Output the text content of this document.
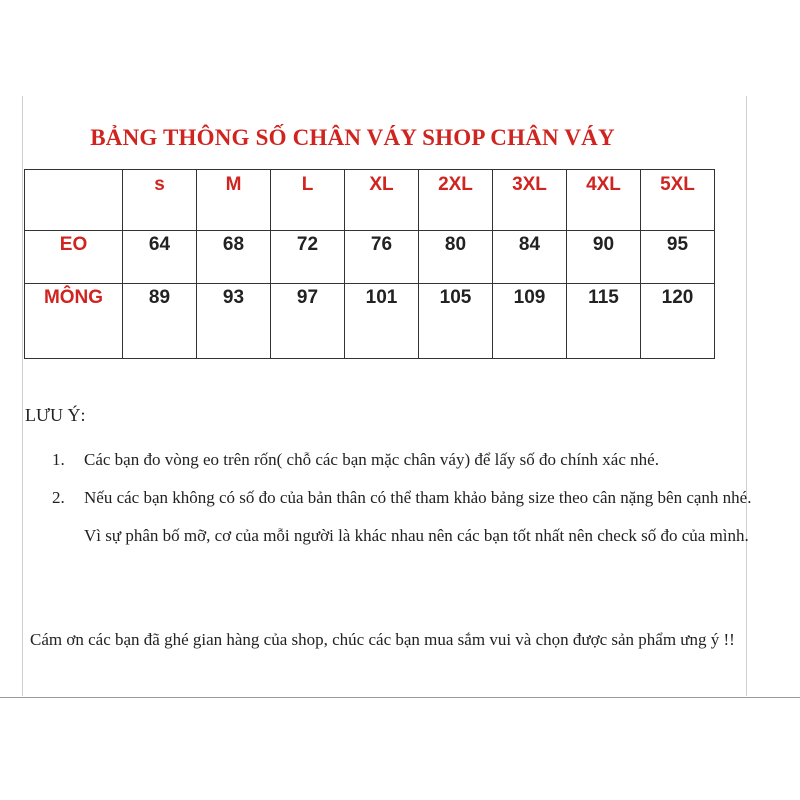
BẢNG THÔNG SỐ CHÂN VÁY SHOP CHÂN VÁY

	s	M	L	XL	2XL	3XL	4XL	5XL

EO	64	68	72	76	80	84	90	95

MÔNG	89	93	97	101	105	109	115	120
LƯU Ý:
1. Các bạn đo vòng eo trên rốn( chỗ các bạn mặc chân váy) để lấy số đo chính xác nhé.
2. Nếu các bạn không có số đo của bản thân có thể tham khảo bảng size theo cân nặng bên cạnh nhé. Vì sự phân bố mỡ, cơ của mỗi người là khác nhau nên các bạn tốt nhất nên check số đo của mình.
Cám ơn các bạn đã ghé gian hàng của shop, chúc các bạn mua sắm vui và chọn được sản phẩm ưng ý !!
